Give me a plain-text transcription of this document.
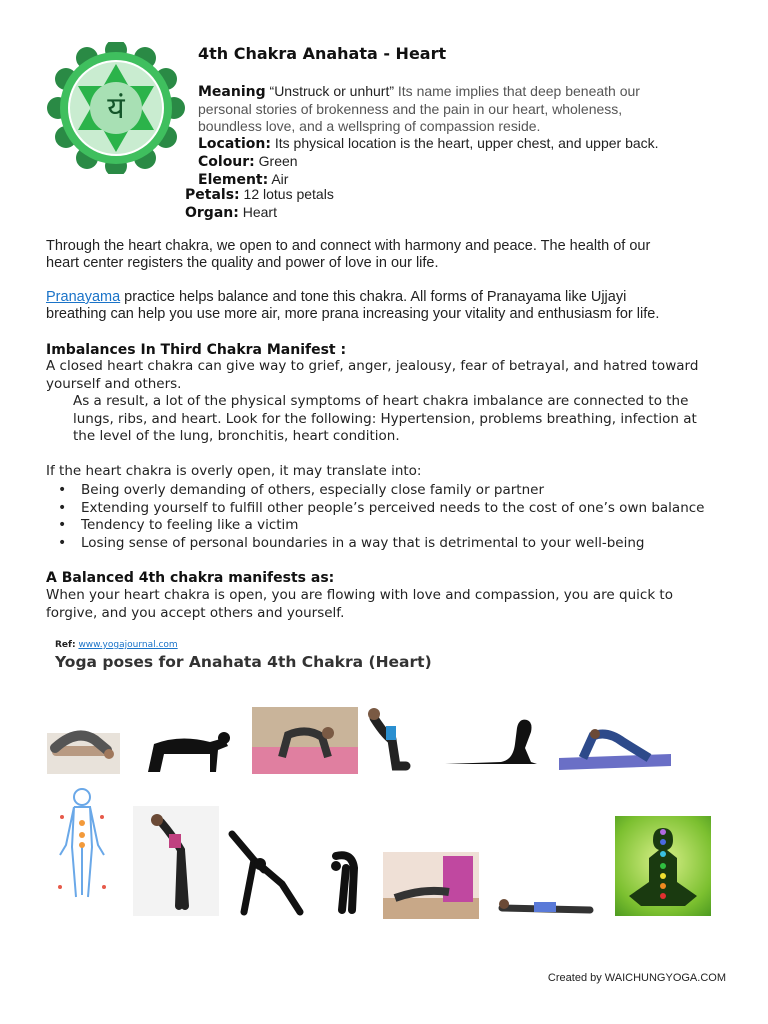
यं
4th Chakra Anahata - Heart
Meaning “Unstruck or unhurt” Its name implies that deep beneath our
personal stories of brokenness and the pain in our heart, wholeness,
boundless love, and a wellspring of compassion reside.
Location: Its physical location is the heart, upper chest, and upper back.
Colour: Green
Element: Air
Petals: 12 lotus petals
Organ: Heart
Through the heart chakra, we open to and connect with harmony and peace. The health of our
heart center registers the quality and power of love in our life.
Pranayama practice helps balance and tone this chakra. All forms of Pranayama like Ujjayi
breathing can help you use more air, more prana increasing your vitality and enthusiasm for life.
Imbalances In Third Chakra Manifest :
A closed heart chakra can give way to grief, anger, jealousy, fear of betrayal, and hatred toward
yourself and others.
As a result, a lot of the physical symptoms of heart chakra imbalance are connected to the
lungs, ribs, and heart. Look for the following: Hypertension, problems breathing, infection at
the level of the lung, bronchitis, heart condition.
If the heart chakra is overly open, it may translate into:
• Being overly demanding of others, especially close family or partner
• Extending yourself to fulfill other people’s perceived needs to the cost of one’s own balance
• Tendency to feeling like a victim
• Losing sense of personal boundaries in a way that is detrimental to your well-being
A Balanced 4th chakra manifests as:
When your heart chakra is open, you are flowing with love and compassion, you are quick to
forgive, and you accept others and yourself.
Ref: www.yogajournal.com
Yoga poses for Anahata 4th Chakra (Heart)
Created by WAICHUNGYOGA.COM
